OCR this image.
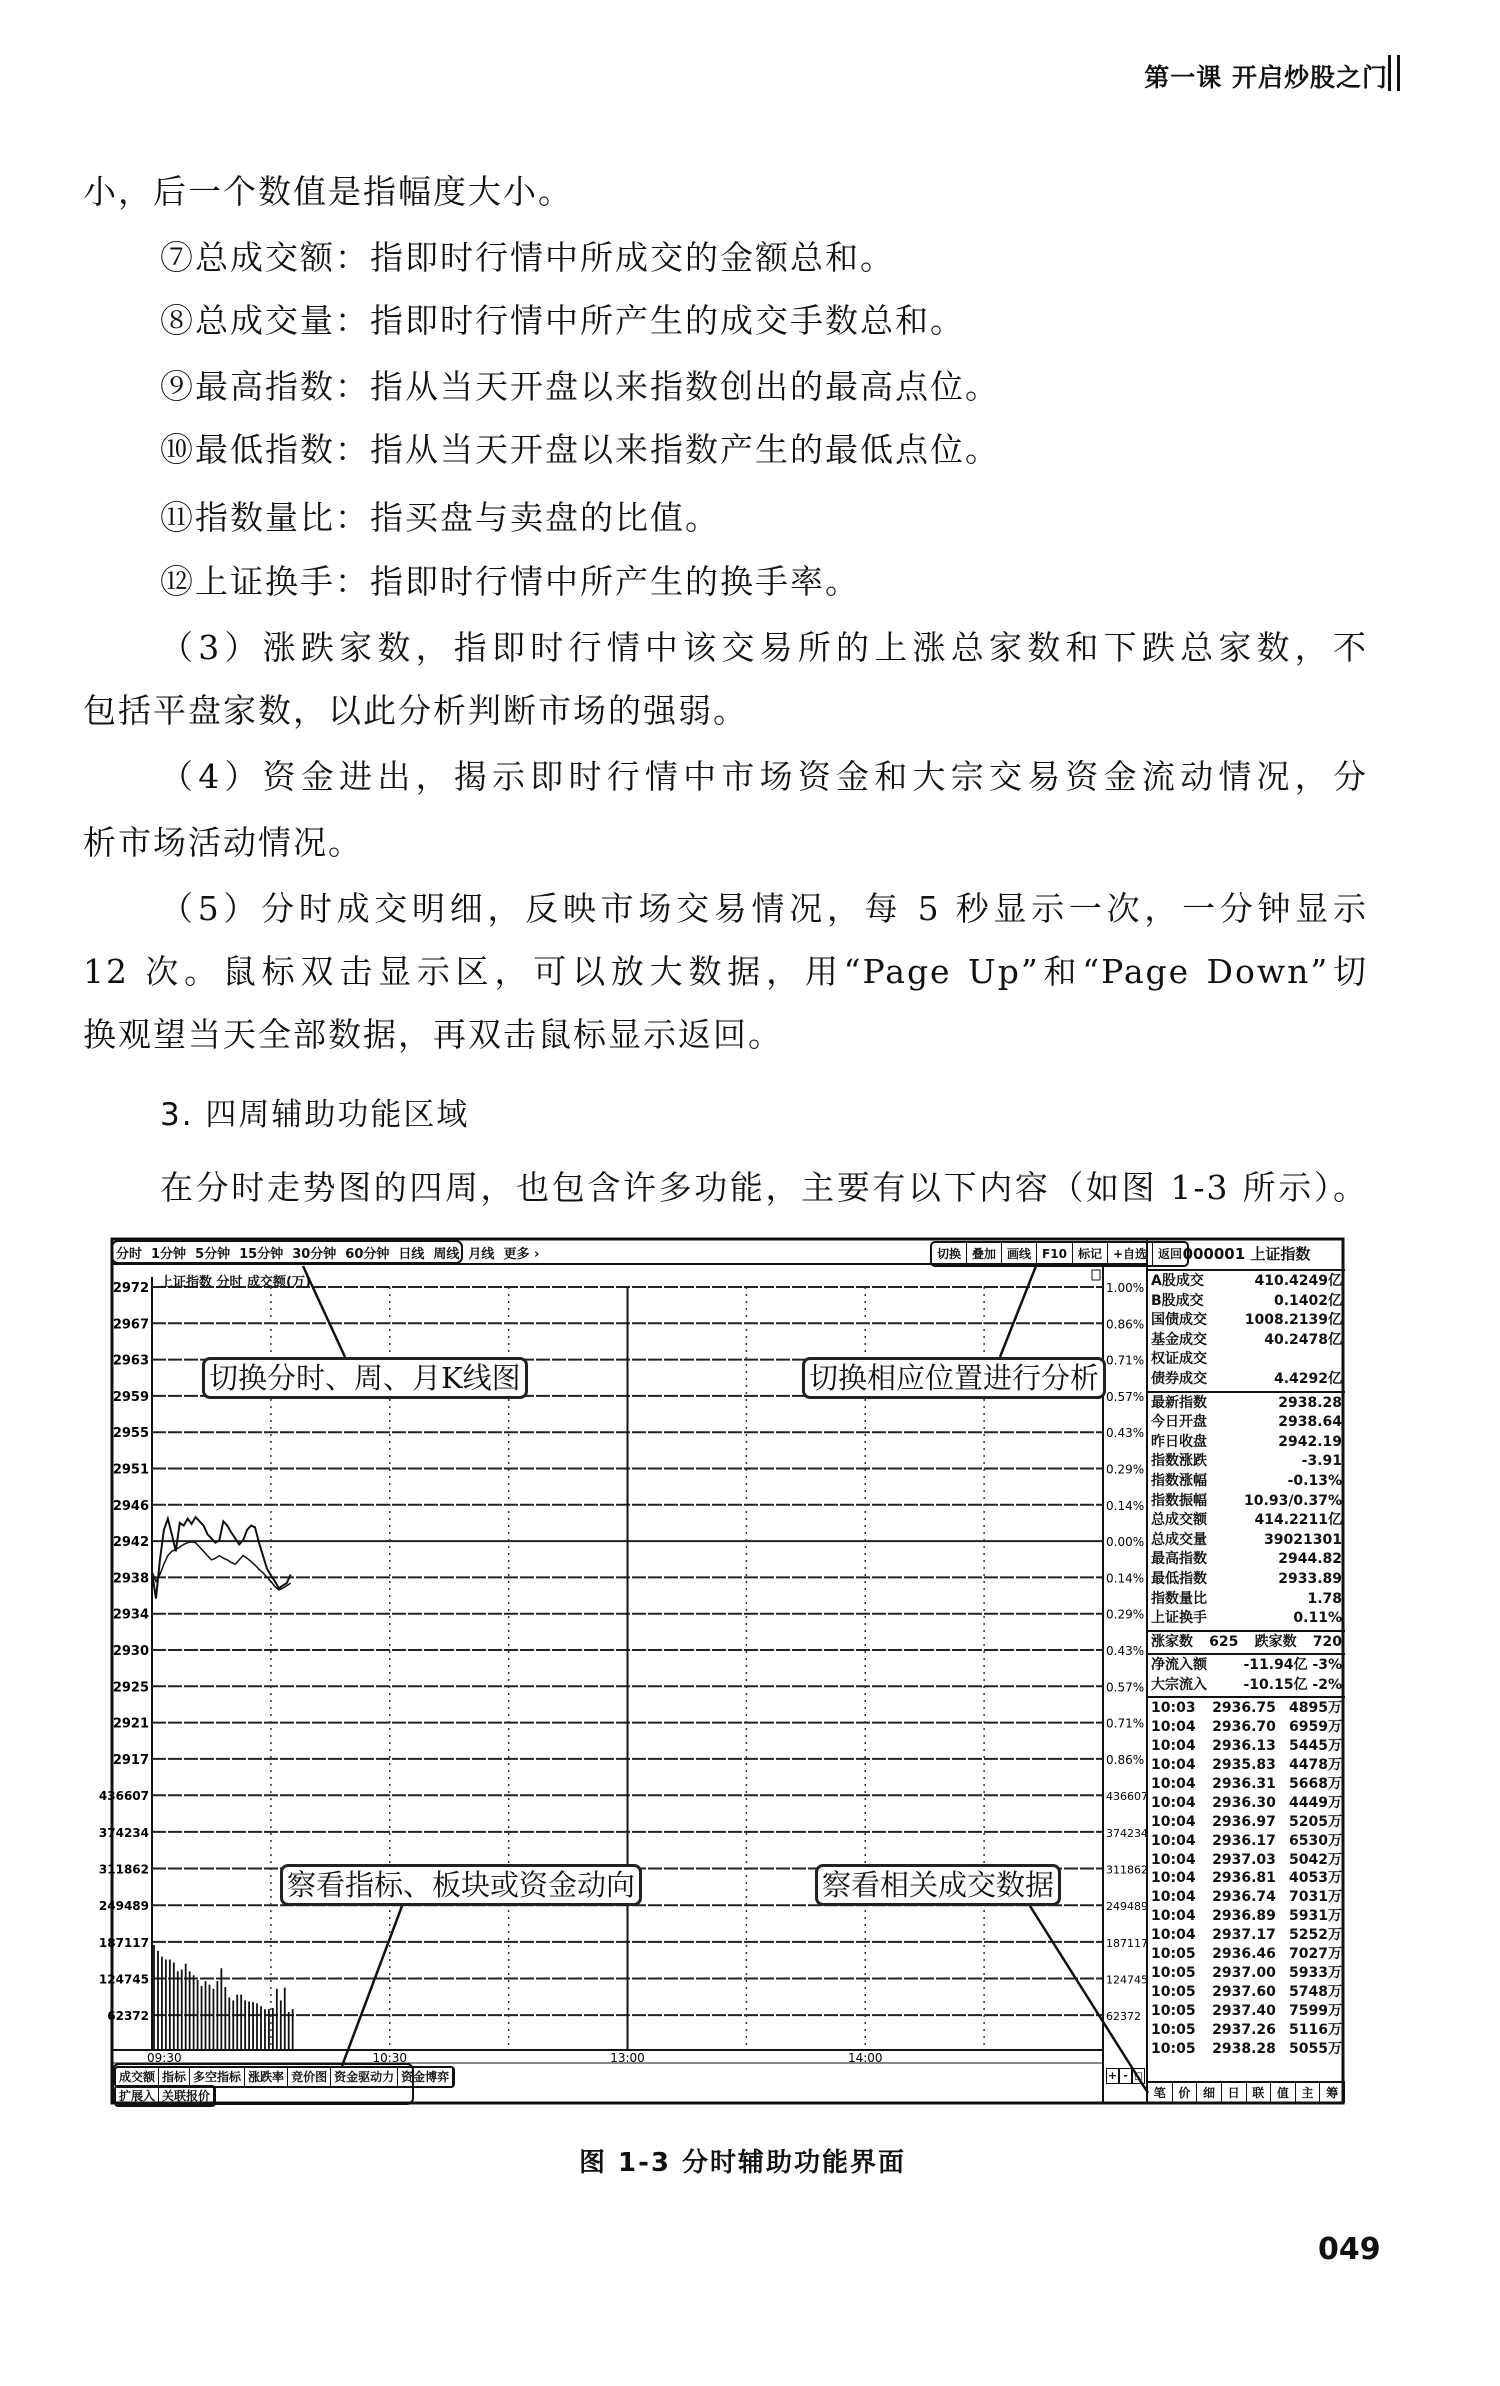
第一课 开启炒股之门
小，后一个数值是指幅度大小。
⑦总成交额：指即时行情中所成交的金额总和。
⑧总成交量：指即时行情中所产生的成交手数总和。
⑨最高指数：指从当天开盘以来指数创出的最高点位。
⑩最低指数：指从当天开盘以来指数产生的最低点位。
⑪指数量比：指买盘与卖盘的比值。
⑫上证换手：指即时行情中所产生的换手率。
（3）涨跌家数，指即时行情中该交易所的上涨总家数和下跌总家数，不
包括平盘家数，以此分析判断市场的强弱。
（4）资金进出，揭示即时行情中市场资金和大宗交易资金流动情况，分
析市场活动情况。
（5）分时成交明细，反映市场交易情况，每 5 秒显示一次，一分钟显示
12 次。鼠标双击显示区，可以放大数据，用“Page Up”和“Page Down”切
换观望当天全部数据，再双击鼠标显示返回。
3. 四周辅助功能区域
在分时走势图的四周，也包含许多功能，主要有以下内容（如图 1-3 所示）。
2972	1.00%
2967	0.86%
2963	0.71%
2959	0.57%
2955	0.43%
2951	0.29%
2946	0.14%
2942	0.00%
2938	0.14%
2934	0.29%
2930	0.43%
2925	0.57%
2921	0.71%
2917	0.86%
436607	436607
374234	374234
311862	311862
249489	249489
187117	187117
124745	124745
62372	62372
09:30	10:30	13:00	14:00
分时 1分钟 5分钟 15分钟 30分钟 60分钟 日线 周线 月线 更多 ›	切换 叠加 画线 F10 标记 +自选 返回
上证指数 分时 成交额(万)
000001 上证指数
A股成交	410.4249亿
B股成交	0.1402亿
国债成交	1008.2139亿
基金成交	40.2478亿
权证成交
债券成交	4.4292亿
最新指数	2938.28
今日开盘	2938.64
昨日收盘	2942.19
指数涨跌	-3.91
指数涨幅	-0.13%
指数振幅	10.93/0.37%
总成交额	414.2211亿
总成交量	39021301
最高指数	2944.82
最低指数	2933.89
指数量比	1.78
上证换手	0.11%
涨家数 625 跌家数 720
净流入额	-11.94亿 -3%
大宗流入	-10.15亿 -2%
10:03	2936.75 4895万
10:04	2936.70 6959万
10:04	2936.13 5445万
10:04	2935.83 4478万
10:04	2936.31 5668万
10:04	2936.30 4449万
10:04	2936.97 5205万
10:04	2936.17 6530万
10:04	2937.03 5042万
10:04	2936.81 4053万
10:04	2936.74 7031万
10:04	2936.89 5931万
10:04	2937.17 5252万
10:05	2936.46 7027万
10:05	2937.00 5933万
10:05	2937.60 5748万
10:05	2937.40 7599万
10:05	2937.26 5116万
10:05	2938.28 5055万
笔	价	细	日	联	值	主	筹
切换分时、周、月K线图	切换相应位置进行分析
察看指标、板块或资金动向	察看相关成交数据
成交额 指标 多空指标 涨跌率 竞价图 资金驱动力 资金博弈
扩展入 关联报价
+ - ◻
图 1-3 分时辅助功能界面
049
